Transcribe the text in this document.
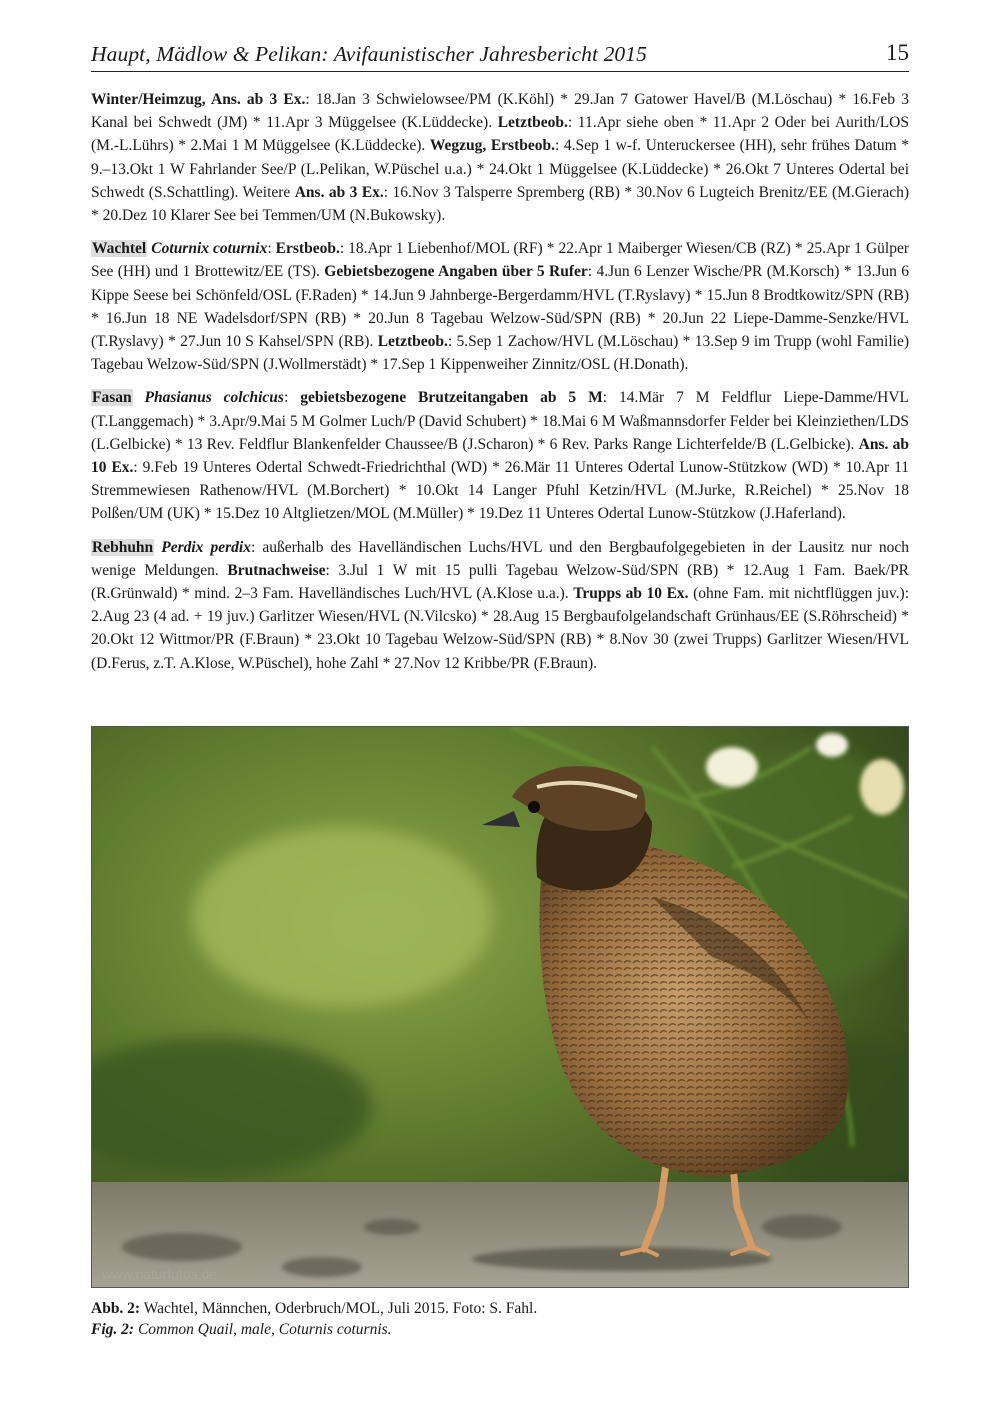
Haupt, Mädlow & Pelikan: Avifaunistischer Jahresbericht 2015	15

Winter/Heimzug, Ans. ab 3 Ex.: 18.Jan 3 Schwielowsee/PM (K.Köhl) * 29.Jan 7 Gatower Havel/B (M.Löschau) * 16.Feb 3 Kanal bei Schwedt (JM) * 11.Apr 3 Müggelsee (K.Lüddecke). Letztbeob.: 11.Apr siehe oben * 11.Apr 2 Oder bei Aurith/LOS (M.-L.Lührs) * 2.Mai 1 M Müggelsee (K.Lüddecke). Wegzug, Erstbeob.: 4.Sep 1 w-f. Unteruckersee (HH), sehr frühes Datum * 9.–13.Okt 1 W Fahrlander See/P (L.Pelikan, W.Püschel u.a.) * 24.Okt 1 Müggelsee (K.Lüddecke) * 26.Okt 7 Unteres Odertal bei Schwedt (S.Schattling). Weitere Ans. ab 3 Ex.: 16.Nov 3 Talsperre Spremberg (RB) * 30.Nov 6 Lugteich Brenitz/EE (M.Gierach) * 20.Dez 10 Klarer See bei Temmen/UM (N.Bukowsky).

Wachtel Coturnix coturnix: Erstbeob.: 18.Apr 1 Liebenhof/MOL (RF) * 22.Apr 1 Maiberger Wiesen/CB (RZ) * 25.Apr 1 Gülper See (HH) und 1 Brottewitz/EE (TS). Gebietsbezogene Angaben über 5 Rufer: 4.Jun 6 Lenzer Wische/PR (M.Korsch) * 13.Jun 6 Kippe Seese bei Schönfeld/OSL (F.Raden) * 14.Jun 9 Jahnberge-Bergerdamm/HVL (T.Ryslavy) * 15.Jun 8 Brodtkowitz/SPN (RB) * 16.Jun 18 NE Wadelsdorf/SPN (RB) * 20.Jun 8 Tagebau Welzow-Süd/SPN (RB) * 20.Jun 22 Liepe-Damme-Senzke/HVL (T.Ryslavy) * 27.Jun 10 S Kahsel/SPN (RB). Letztbeob.: 5.Sep 1 Zachow/HVL (M.Löschau) * 13.Sep 9 im Trupp (wohl Familie) Tagebau Welzow-Süd/SPN (J.Wollmerstädt) * 17.Sep 1 Kippenweiher Zinnitz/OSL (H.Donath).

Fasan Phasianus colchicus: gebietsbezogene Brutzeitangaben ab 5 M: 14.Mär 7 M Feldflur Liepe-Damme/HVL (T.Langgemach) * 3.Apr/9.Mai 5 M Golmer Luch/P (David Schubert) * 18.Mai 6 M Waßmannsdorfer Felder bei Kleinziethen/LDS (L.Gelbicke) * 13 Rev. Feldflur Blankenfelder Chaussee/B (J.Scharon) * 6 Rev. Parks Range Lichterfelde/B (L.Gelbicke). Ans. ab 10 Ex.: 9.Feb 19 Unteres Odertal Schwedt-Friedrichthal (WD) * 26.Mär 11 Unteres Odertal Lunow-Stützkow (WD) * 10.Apr 11 Stremmewiesen Rathenow/HVL (M.Borchert) * 10.Okt 14 Langer Pfuhl Ketzin/HVL (M.Jurke, R.Reichel) * 25.Nov 18 Polßen/UM (UK) * 15.Dez 10 Altglietzen/MOL (M.Müller) * 19.Dez 11 Unteres Odertal Lunow-Stützkow (J.Haferland).

Rebhuhn Perdix perdix: außerhalb des Havelländischen Luchs/HVL und den Bergbaufolgegebieten in der Lausitz nur noch wenige Meldungen. Brutnachweise: 3.Jul 1 W mit 15 pulli Tagebau Welzow-Süd/SPN (RB) * 12.Aug 1 Fam. Baek/PR (R.Grünwald) * mind. 2–3 Fam. Havelländisches Luch/HVL (A.Klose u.a.). Trupps ab 10 Ex. (ohne Fam. mit nichtflüggen juv.): 2.Aug 23 (4 ad. + 19 juv.) Garlitzer Wiesen/HVL (N.Vilcsko) * 28.Aug 15 Bergbaufolgelandschaft Grünhaus/EE (S.Röhrscheid) * 20.Okt 12 Wittmor/PR (F.Braun) * 23.Okt 10 Tagebau Welzow-Süd/SPN (RB) * 8.Nov 30 (zwei Trupps) Garlitzer Wiesen/HVL (D.Ferus, z.T. A.Klose, W.Püschel), hohe Zahl * 27.Nov 12 Kribbe/PR (F.Braun).

www.naturfotos.de
Abb. 2: Wachtel, Männchen, Oderbruch/MOL, Juli 2015. Foto: S. Fahl.
Fig. 2: Common Quail, male, Coturnis coturnis.
